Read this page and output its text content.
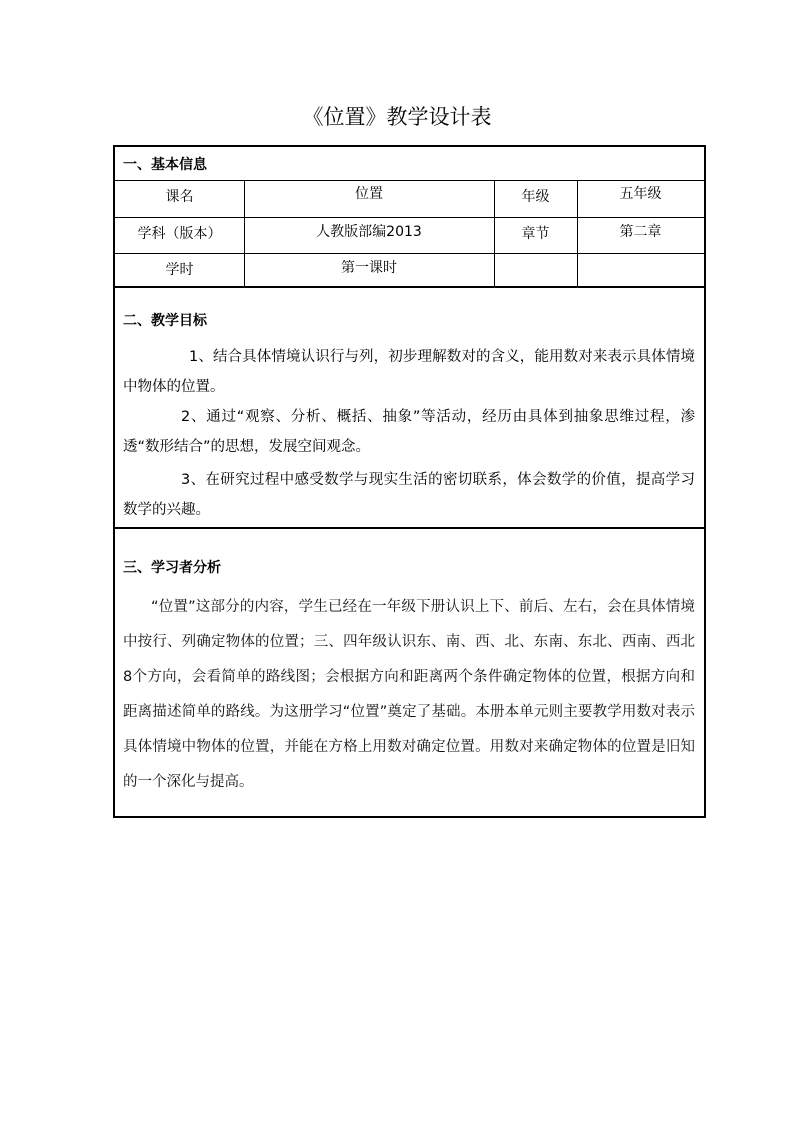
《位置》教学设计表
一、基本信息
课名	位置	年级	五年级
学科（版本）	人教版部编2013	章节	第二章
学时	第一课时
二、教学目标
1、结合具体情境认识行与列，初步理解数对的含义，能用数对来表示具体情境中物体的位置。
2、通过“观察、分析、概括、抽象”等活动，经历由具体到抽象思维过程，渗透“数形结合”的思想，发展空间观念。
3、在研究过程中感受数学与现实生活的密切联系，体会数学的价值，提高学习数学的兴趣。
三、学习者分析
“位置”这部分的内容，学生已经在一年级下册认识上下、前后、左右，会在具体情境中按行、列确定物体的位置；三、四年级认识东、南、西、北、东南、东北、西南、西北8个方向，会看简单的路线图；会根据方向和距离两个条件确定物体的位置，根据方向和距离描述简单的路线。为这册学习“位置”奠定了基础。本册本单元则主要教学用数对表示具体情境中物体的位置，并能在方格上用数对确定位置。用数对来确定物体的位置是旧知的一个深化与提高。
